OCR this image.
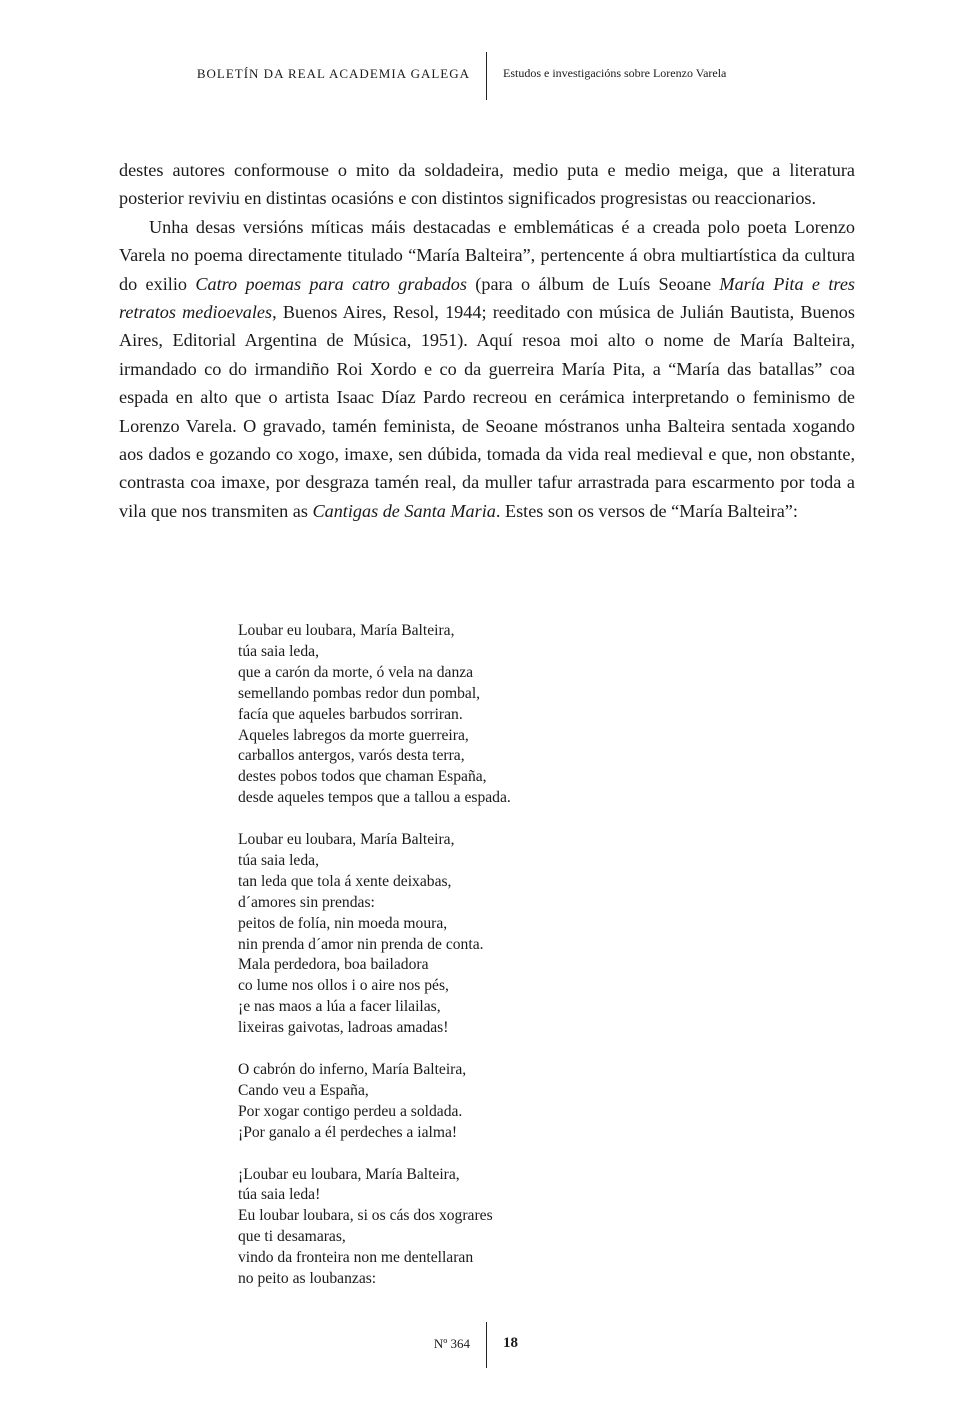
BOLETÍN DA REAL ACADEMIA GALEGA	Estudos e investigacións sobre Lorenzo Varela

destes autores conformouse o mito da soldadeira, medio puta e medio meiga, que a literatura posterior reviviu en distintas ocasións e con distintos significados progresistas ou reaccionarios.

Unha desas versións míticas máis destacadas e emblemáticas é a creada polo poeta Lorenzo Varela no poema directamente titulado “María Balteira”, pertencente á obra multiartística da cultura do exilio Catro poemas para catro grabados (para o álbum de Luís Seoane María Pita e tres retratos medioevales, Buenos Aires, Resol, 1944; reeditado con música de Julián Bautista, Buenos Aires, Editorial Argentina de Música, 1951). Aquí resoa moi alto o nome de María Balteira, irmandado co do irmandiño Roi Xordo e co da guerreira María Pita, a “María das batallas” coa espada en alto que o artista Isaac Díaz Pardo recreou en cerámica interpretando o feminismo de Lorenzo Varela. O gravado, tamén feminista, de Seoane móstranos unha Balteira sentada xogando aos dados e gozando co xogo, imaxe, sen dúbida, tomada da vida real medieval e que, non obstante, contrasta coa imaxe, por desgraza tamén real, da muller tafur arrastrada para escarmento por toda a vila que nos transmiten as Cantigas de Santa Maria. Estes son os versos de “María Balteira”:

Loubar eu loubara, María Balteira,
túa saia leda,
que a carón da morte, ó vela na danza
semellando pombas redor dun pombal,
facía que aqueles barbudos sorriran.
Aqueles labregos da morte guerreira,
carballos antergos, varós desta terra,
destes pobos todos que chaman España,
desde aqueles tempos que a tallou a espada.
Loubar eu loubara, María Balteira,
túa saia leda,
tan leda que tola á xente deixabas,
d´amores sin prendas:
peitos de folía, nin moeda moura,
nin prenda d´amor nin prenda de conta.
Mala perdedora, boa bailadora
co lume nos ollos i o aire nos pés,
¡e nas maos a lúa a facer lilailas,
lixeiras gaivotas, ladroas amadas!
O cabrón do inferno, María Balteira,
Cando veu a España,
Por xogar contigo perdeu a soldada.
¡Por ganalo a él perdeches a ialma!
¡Loubar eu loubara, María Balteira,
túa saia leda!
Eu loubar loubara, si os cás dos xograres
que ti desamaras,
vindo da fronteira non me dentellaran
no peito as loubanzas:
Nº 364 18
